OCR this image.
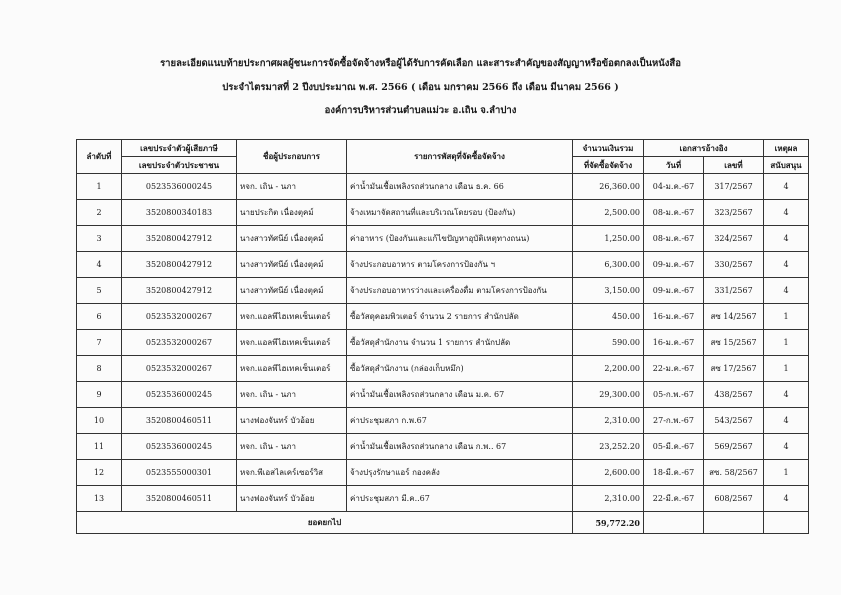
รายละเอียดแนบท้ายประกาศผลผู้ชนะการจัดซื้อจัดจ้างหรือผู้ได้รับการคัดเลือก และสาระสำคัญของสัญญาหรือข้อตกลงเป็นหนังสือ
ประจำไตรมาสที่ 2 ปีงบประมาณ พ.ศ. 2566 ( เดือน มกราคม 2566 ถึง เดือน มีนาคม 2566 )
องค์การบริหารส่วนตำบลแม่วะ อ.เถิน จ.ลำปาง
ลำดับที่	เลขประจำตัวผู้เสียภาษี	ชื่อผู้ประกอบการ	รายการพัสดุที่จัดซื้อจัดจ้าง	จำนวนเงินรวม	เอกสารอ้างอิง		เหตุผล
	เลขประจำตัวประชาชน			ที่จัดซื้อจัดจ้าง	วันที่	เลขที่	สนับสนุน
1	0523536000245	หจก. เถิน - นภา	ค่าน้ำมันเชื้อเพลิงรถส่วนกลาง เดือน ธ.ค. 66	26,360.00	04-ม.ค.-67	317/2567	4
2	3520800340183	นายประกิต เนื่องตุคม์	จ้างเหมาจัดสถานที่และบริเวณโดยรอบ (ป้องกัน)	2,500.00	08-ม.ค.-67	323/2567	4
3	3520800427912	นางสาวทัศนีย์ เนื่องตุคม์	ค่าอาหาร (ป้องกันและแก้ไขปัญหาอุบัติเหตุทางถนน)	1,250.00	08-ม.ค.-67	324/2567	4
4	3520800427912	นางสาวทัศนีย์ เนื่องตุคม์	จ้างประกอบอาหาร ตามโครงการป้องกัน ฯ	6,300.00	09-ม.ค.-67	330/2567	4
5	3520800427912	นางสาวทัศนีย์ เนื่องตุคม์	จ้างประกอบอาหารว่างและเครื่องดื่ม ตามโครงการป้องกัน	3,150.00	09-ม.ค.-67	331/2567	4
6	0523532000267	หจก.แอลพีไฮเทคเซ็นเตอร์	ซื้อวัสดุคอมพิวเตอร์ จำนวน 2 รายการ สำนักปลัด	450.00	16-ม.ค.-67	สซ 14/2567	1
7	0523532000267	หจก.แอลพีไฮเทคเซ็นเตอร์	ซื้อวัสดุสำนักงาน จำนวน 1 รายการ สำนักปลัด	590.00	16-ม.ค.-67	สซ 15/2567	1
8	0523532000267	หจก.แอลพีไฮเทคเซ็นเตอร์	ซื้อวัสดุสำนักงาน (กล่องเก็บหมึก)	2,200.00	22-ม.ค.-67	สซ 17/2567	1
9	0523536000245	หจก. เถิน - นภา	ค่าน้ำมันเชื้อเพลิงรถส่วนกลาง เดือน ม.ค. 67	29,300.00	05-ก.พ.-67	438/2567	4
10	3520800460511	นางฟองจันทร์ บัวอ้อย	ค่าประชุมสภา ก.พ.67	2,310.00	27-ก.พ.-67	543/2567	4
11	0523536000245	หจก. เถิน - นภา	ค่าน้ำมันเชื้อเพลิงรถส่วนกลาง เดือน ก.พ.. 67	23,252.20	05-มี.ค.-67	569/2567	4
12	0523555000301	หจก.พีเอสไลเคร์เซอร์วิส	จ้างปรุงรักษาแอร์ กองคลัง	2,600.00	18-มี.ค.-67	สซ. 58/2567	1
13	3520800460511	นางฟองจันทร์ บัวอ้อย	ค่าประชุมสภา มี.ค..67	2,310.00	22-มี.ค.-67	608/2567	4
ยอดยกไป				59,772.20			
